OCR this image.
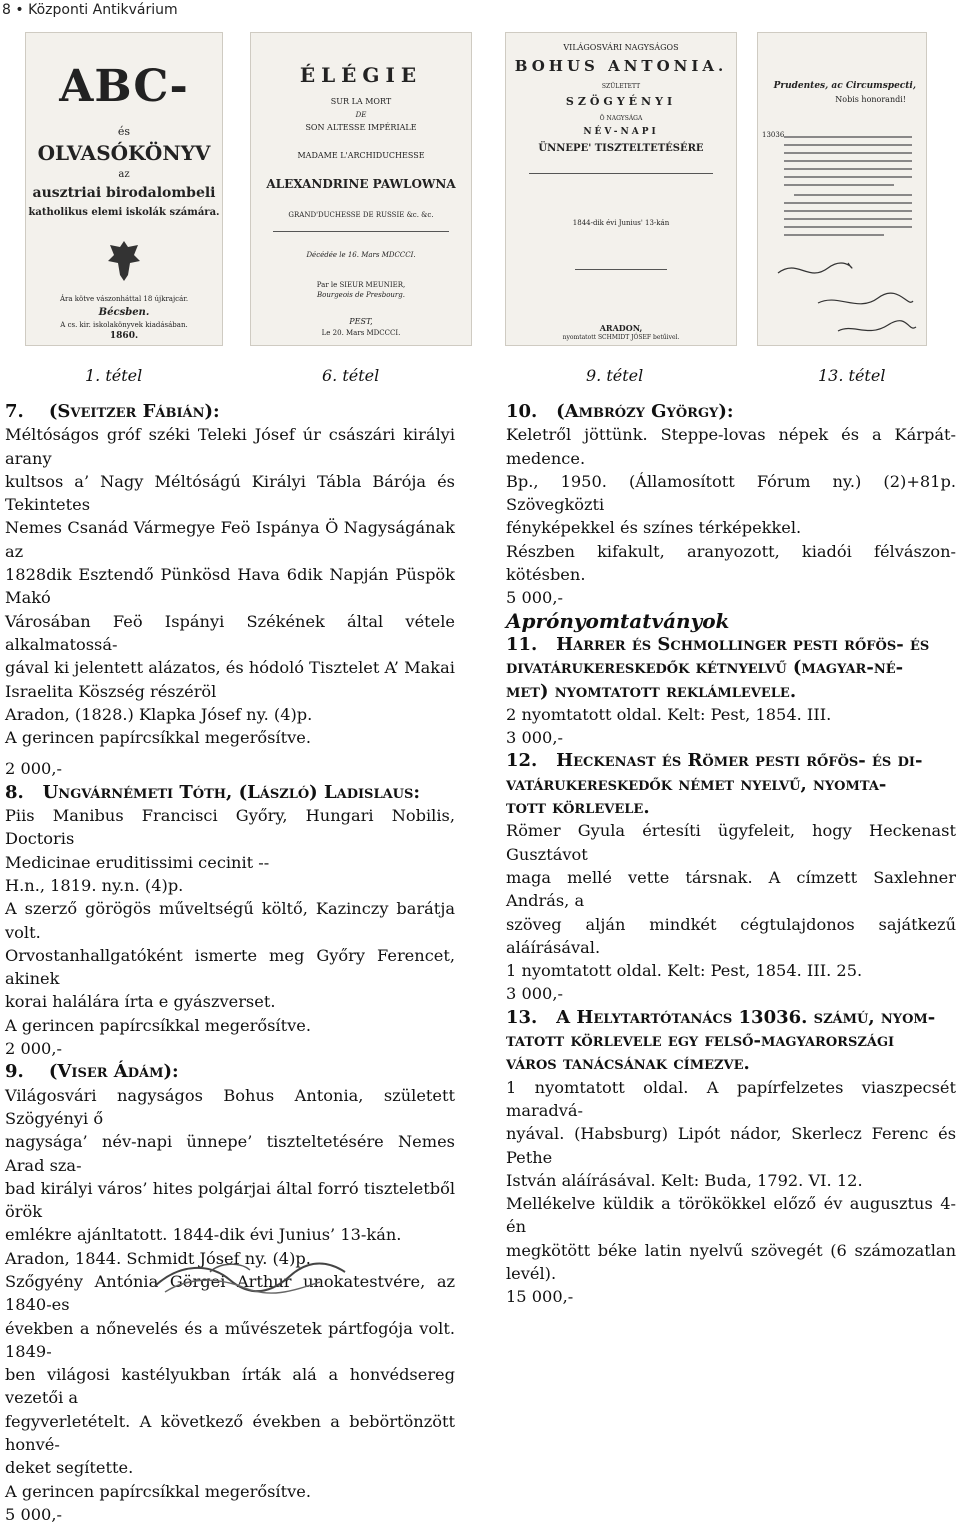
8 • Központi Antikvárium
ABC-
és
OLVASÓKÖNYV
az
ausztriai birodalombeli
katholikus elemi iskolák számára.
Ára kötve vászonháttal 18 újkrajcár.
Bécsben.
A cs. kir. iskolakönyvek kiadásában.
1860.
ÉLÉGIE
SUR LA MORT
DE
SON ALTESSE IMPÉRIALE
MADAME L'ARCHIDUCHESSE
ALEXANDRINE PAWLOWNA
GRAND'DUCHESSE DE RUSSIE &c. &c.
Décédée le 16. Mars MDCCCI.
Par le SIEUR MEUNIER,
Bourgeois de Presbourg.
PEST,
Le 20. Mars MDCCCI.
VILÁGOSVÁRI NAGYSÁGOS
BOHUS ANTONIA.
SZÜLETETT
SZÖGYÉNYI
Ö NAGYSÁGA
NÉV-NAPI
ÜNNEPE' TISZTELTETÉSÉRE
1844-dik évi Junius' 13-kán
ARADON,
nyomtatott SCHMIDT JÓSEF betűivel.
Prudentes, ac Circumspecti,
Nobis honorandi!
13036
1. tétel	6. tétel	9. tétel	13. tétel

7. (Sveitzer Fábián):

Méltóságos gróf széki Teleki Jósef úr császári királyi arany

kultsos a’ Nagy Méltóságú Királyi Tábla Bárója és Tekintetes

Nemes Csanád Vármegye Feö Ispánya Ö Nagyságának az

1828dik Esztendő Pünkösd Hava 6dik Napján Püspök Makó

Városában Feö Ispányi Székének által vétele alkalmatossá-

gával ki jelentett alázatos, és hódoló Tisztelet A’ Makai

Israelita Köszség részéröl

Aradon, (1828.) Klapka Jósef ny. (4)p.

A gerincen papírcsíkkal megerősítve.

2 000,-

8. Ungvárnémeti Tóth, (László) Ladislaus:

Piis Manibus Francisci Győry, Hungari Nobilis, Doctoris

Medicinae eruditissimi cecinit --

H.n., 1819. ny.n. (4)p.

A szerző görögös műveltségű költő, Kazinczy barátja volt.

Orvostanhallgatóként ismerte meg Győry Ferencet, akinek

korai halálára írta e gyászverset.

A gerincen papírcsíkkal megerősítve.

2 000,-

9. (Viser Ádám):

Világosvári nagyságos Bohus Antonia, született Szögyényi ő

nagysága’ név-napi ünnepe’ tiszteltetésére Nemes Arad sza-

bad királyi város’ hites polgárjai által forró tiszteletből örök

emlékre ajánltatott. 1844-dik évi Junius’ 13-kán.

Aradon, 1844. Schmidt Jósef ny. (4)p.

Szőgyény Antónia Görgei Arthur unokatestvére, az 1840-es

években a nőnevelés és a művészetek pártfogója volt. 1849-

ben világosi kastélyukban írták alá a honvédsereg vezetői a

fegyverletételt. A következő években a bebörtönzött honvé-

deket segítette.

A gerincen papírcsíkkal megerősítve.

5 000,-

10. (Ambrózy György):

Keletről jöttünk. Steppe-lovas népek és a Kárpát-medence.

Bp., 1950. (Államosított Fórum ny.) (2)+81p. Szövegközti

fényképekkel és színes térképekkel.

Részben kifakult, aranyozott, kiadói félvászon-kötésben.

5 000,-

Aprónyomtatványok

11. Harrer és Schmollinger pesti rőfös- és

divatárukereskedők kétnyelvű (magyar-né-

met) nyomtatott reklámlevele.

2 nyomtatott oldal. Kelt: Pest, 1854. III.

3 000,-

12. Heckenast és Römer pesti rőfös- és di-

vatárukereskedők német nyelvű, nyomta-

tott körlevele.

Römer Gyula értesíti ügyfeleit, hogy Heckenast Gusztávot

maga mellé vette társnak. A címzett Saxlehner András, a

szöveg alján mindkét cégtulajdonos sajátkezű aláírásával.

1 nyomtatott oldal. Kelt: Pest, 1854. III. 25.

3 000,-

13. A Helytartótanács 13036. számú, nyom-

tatott körlevele egy felső-magyarországi

város tanácsának címezve.

1 nyomtatott oldal. A papírfelzetes viaszpecsét maradvá-

nyával. (Habsburg) Lipót nádor, Skerlecz Ferenc és Pethe

István aláírásával. Kelt: Buda, 1792. VI. 12.

Mellékelve küldik a törökökkel előző év augusztus 4-én

megkötött béke latin nyelvű szövegét (6 számozatlan levél).

15 000,-
